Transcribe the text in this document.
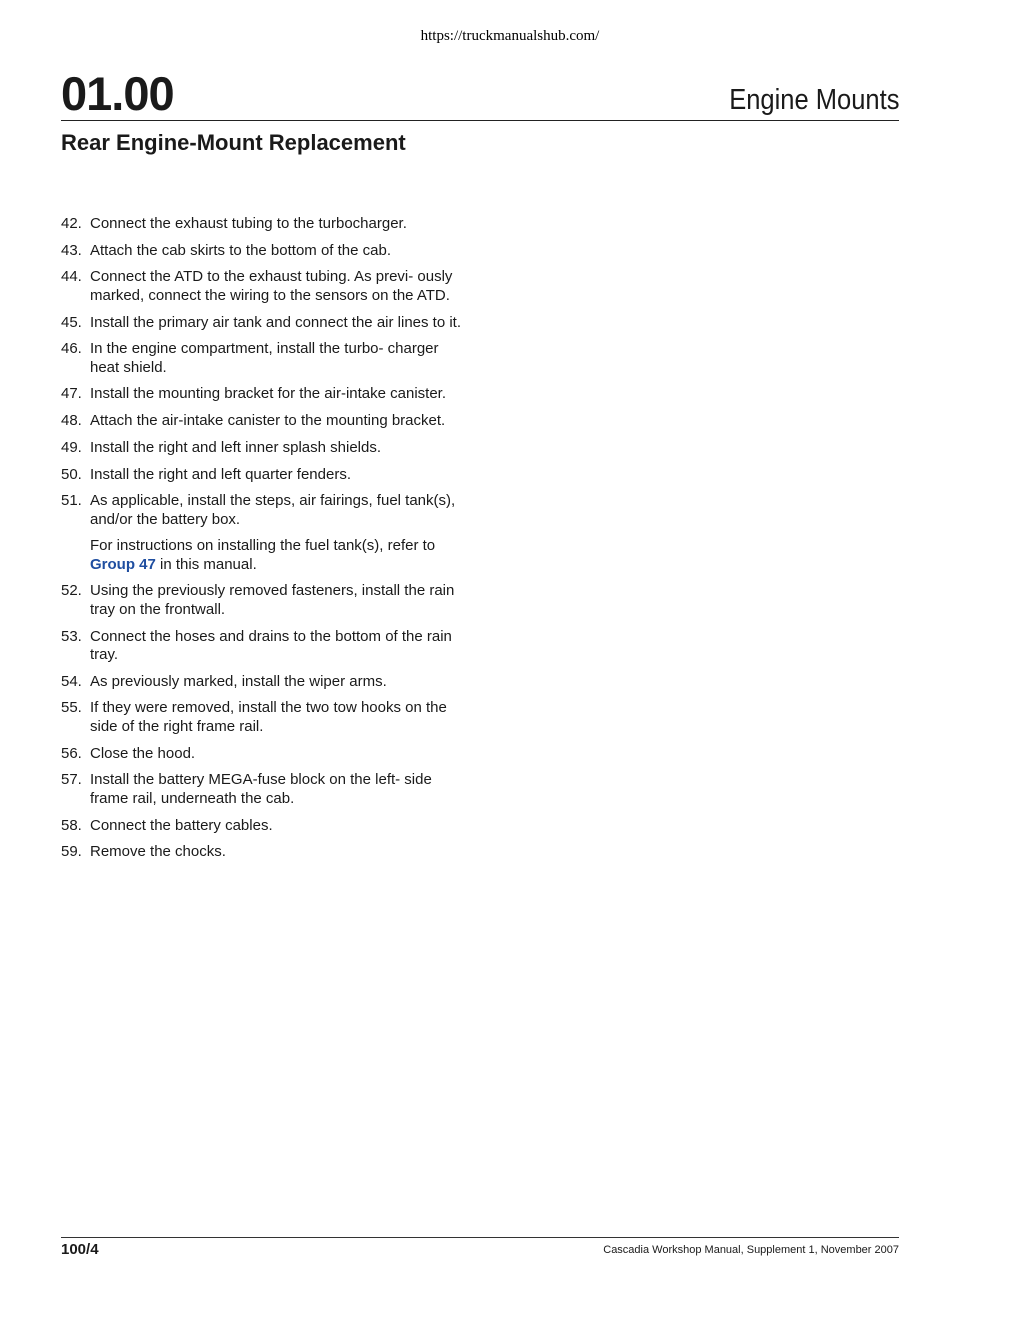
https://truckmanualshub.com/
01.00	Engine Mounts
Rear Engine-Mount Replacement
42. Connect the exhaust tubing to the turbocharger.
43. Attach the cab skirts to the bottom of the cab.
44. Connect the ATD to the exhaust tubing. As previ- ously marked, connect the wiring to the sensors on the ATD.
45. Install the primary air tank and connect the air lines to it.
46. In the engine compartment, install the turbo- charger heat shield.
47. Install the mounting bracket for the air-intake canister.
48. Attach the air-intake canister to the mounting bracket.
49. Install the right and left inner splash shields.
50. Install the right and left quarter fenders.
51. As applicable, install the steps, air fairings, fuel tank(s), and/or the battery box.
For instructions on installing the fuel tank(s), refer to Group 47 in this manual.
52. Using the previously removed fasteners, install the rain tray on the frontwall.
53. Connect the hoses and drains to the bottom of the rain tray.
54. As previously marked, install the wiper arms.
55. If they were removed, install the two tow hooks on the side of the right frame rail.
56. Close the hood.
57. Install the battery MEGA-fuse block on the left- side frame rail, underneath the cab.
58. Connect the battery cables.
59. Remove the chocks.
100/4	Cascadia Workshop Manual, Supplement 1, November 2007
